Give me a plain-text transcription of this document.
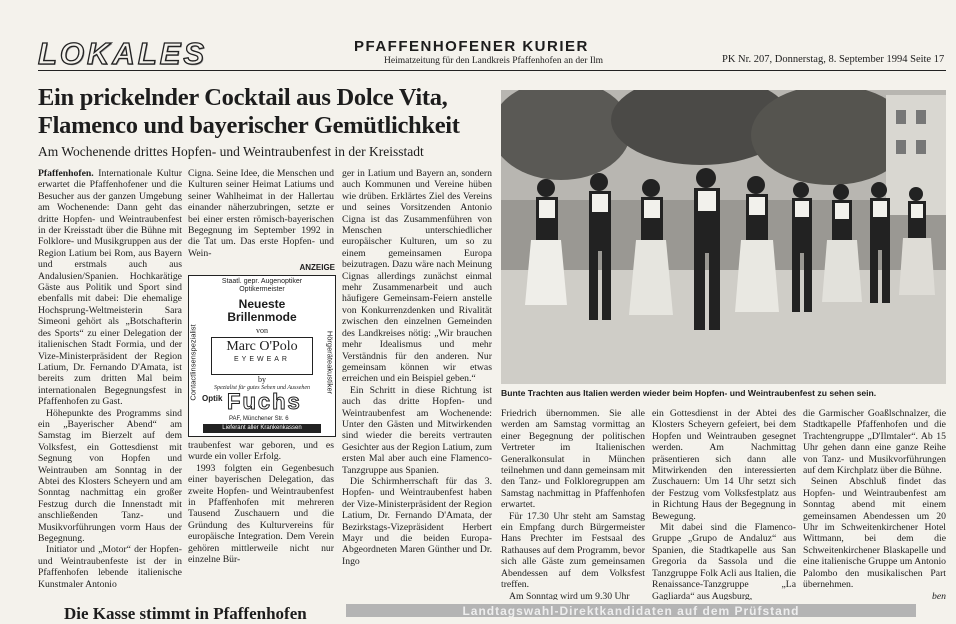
LOKALES	PFAFFENHOFENER KURIER
Heimatzeitung für den Landkreis Pfaffenhofen an der Ilm	PK Nr. 207, Donnerstag, 8. September 1994 Seite 17
Ein prickelnder Cocktail aus Dolce Vita,
Flamenco und bayerischer Gemütlichkeit
Am Wochenende drittes Hopfen- und Weintraubenfest in der Kreisstadt

Pfaffenhofen. Internationale Kultur erwartet die Pfaffenhofener und die Besucher aus der ganzen Umgebung am Wochenende: Dann geht das dritte Hopfen- und Weintraubenfest in der Kreisstadt über die Bühne mit Folklore- und Musikgruppen aus der Region Latium bei Rom, aus Bayern und erstmals auch aus Andalusien/Spanien. Hochkarätige Gäste aus Politik und Sport sind ebenfalls mit dabei: Die ehemalige Hochsprung-Weltmeisterin Sara Simeoni gehört als „Botschafterin des Sports“ zu einer Delegation der italienischen Stadt Formia, und der Vize-Ministerpräsident der Region Latium, Dr. Fernando D'Amata, ist bereits zum dritten Mal beim internationalen Begegnungsfest in Pfaffenhofen zu Gast.

Höhepunkte des Programms sind ein „Bayerischer Abend“ am Samstag im Bierzelt auf dem Volksfest, ein Gottesdienst mit Segnung von Hopfen und Weintrauben am Sonntag in der Abtei des Klosters Scheyern und am Sonntag nachmittag ein großer Festzug durch die Innenstadt mit anschließenden Tanz- und Musikvorführungen vorm Haus der Begegnung.

Initiator und „Motor“ der Hopfen- und Weintraubenfeste ist der in Pfaffenhofen lebende italienische Kunstmaler Antonio

Cigna. Seine Idee, die Menschen und Kulturen seiner Heimat Latiums und seiner Wahlheimat in der Hallertau einander näherzubringen, setzte er bei einer ersten römisch-bayerischen Begegnung im September 1992 in die Tat um. Das erste Hopfen- und Wein-

ANZEIGE
Staatl. gepr. Augenoptiker Optikermeister
Contactlinsenspezialist	Hörgeräteakustiker
Neueste
Brillenmode
von
Marc O'Polo
EYEWEAR
by
Spezialist für gutes Sehen und Aussehen
Optik Fuchs
PAF, Münchener Str. 6
Lieferant aller Krankenkassen

traubenfest war geboren, und es wurde ein voller Erfolg.

1993 folgten ein Gegenbesuch einer bayerischen Delegation, das zweite Hopfen- und Weintraubenfest in Pfaffenhofen mit mehreren Tausend Zuschauern und die Gründung des Kulturvereins für europäische Integration. Dem Verein gehören mittlerweile nicht nur einzelne Bür-

ger in Latium und Bayern an, sondern auch Kommunen und Vereine hüben wie drüben. Erklärtes Ziel des Vereins und seines Vorsitzenden Antonio Cigna ist das Zusammenführen von Menschen unterschiedlicher europäischer Kulturen, um so zu einem gemeinsamen Europa beizutragen. Dazu wäre nach Meinung Cignas allerdings zunächst einmal mehr Zusammenarbeit und auch häufigere Gemeinsam-Feiern anstelle von Konkurrenzdenken und Rivalität zwischen den einzelnen Gemeinden des Landkreises nötig: „Wir brauchen mehr Idealismus und mehr Verständnis für den anderen. Nur gemeinsam können wir etwas erreichen und ein Beispiel geben.“

Ein Schritt in diese Richtung ist auch das dritte Hopfen- und Weintraubenfest am Wochenende: Unter den Gästen und Mitwirkenden sind wieder die bereits vertrauten Gesichter aus der Region Latium, zum ersten Mal aber auch eine Flamenco-Tanzgruppe aus Spanien.

Die Schirmherrschaft für das 3. Hopfen- und Weintraubenfest haben der Vize-Ministerpräsident der Region Latium, Dr. Fernando D'Amata, der Bezirkstags-Vizepräsident Herbert Mayr und die beiden Europa-Abgeordneten Maren Günther und Dr. Ingo

Bunte Trachten aus Italien werden wieder beim Hopfen- und Weintraubenfest zu sehen sein.

Friedrich übernommen. Sie alle werden am Samstag vormittag an einer Begegnung der politischen Vertreter im Italienischen Generalkonsulat in München teilnehmen und dann gemeinsam mit den Tanz- und Folkloregruppen am Samstag nachmittag in Pfaffenhofen erwartet.

Für 17.30 Uhr steht am Samstag ein Empfang durch Bürgermeister Hans Prechter im Festsaal des Rathauses auf dem Programm, bevor sich alle Gäste zum gemeinsamen Abendessen auf dem Volksfest treffen.

Am Sonntag wird um 9.30 Uhr

ein Gottesdienst in der Abtei des Klosters Scheyern gefeiert, bei dem Hopfen und Weintrauben gesegnet werden. Am Nachmittag präsentieren sich dann alle Mitwirkenden den interessierten Zuschauern: Um 14 Uhr setzt sich der Festzug vom Volksfestplatz aus in Richtung Haus der Begegnung in Bewegung.

Mit dabei sind die Flamenco-Gruppe „Grupo de Andaluz“ aus Spanien, die Stadtkapelle aus San Gregoria da Sassola und die Tanzgruppe Folk Acli aus Italien, die Renaissance-Tanzgruppe „La Gagliarda“ aus Augsburg,

die Garmischer Goaßlschnalzer, die Stadtkapelle Pfaffenhofen und die Trachtengruppe „D'Ilmtaler“. Ab 15 Uhr gehen dann eine ganze Reihe von Tanz- und Musikvorführungen auf dem Kirchplatz über die Bühne.

Seinen Abschluß findet das Hopfen- und Weintraubenfest am Sonntag abend mit einem gemeinsamen Abendessen um 20 Uhr im Schweitenkirchener Hotel Wittmann, bei dem die Schweitenkirchener Blaskapelle und eine italienische Gruppe um Antonio Palombo den musikalischen Part übernehmen.

ben

Die Kasse stimmt in Pfaffenhofen	Landtagswahl-Direktkandidaten auf dem Prüfstand
